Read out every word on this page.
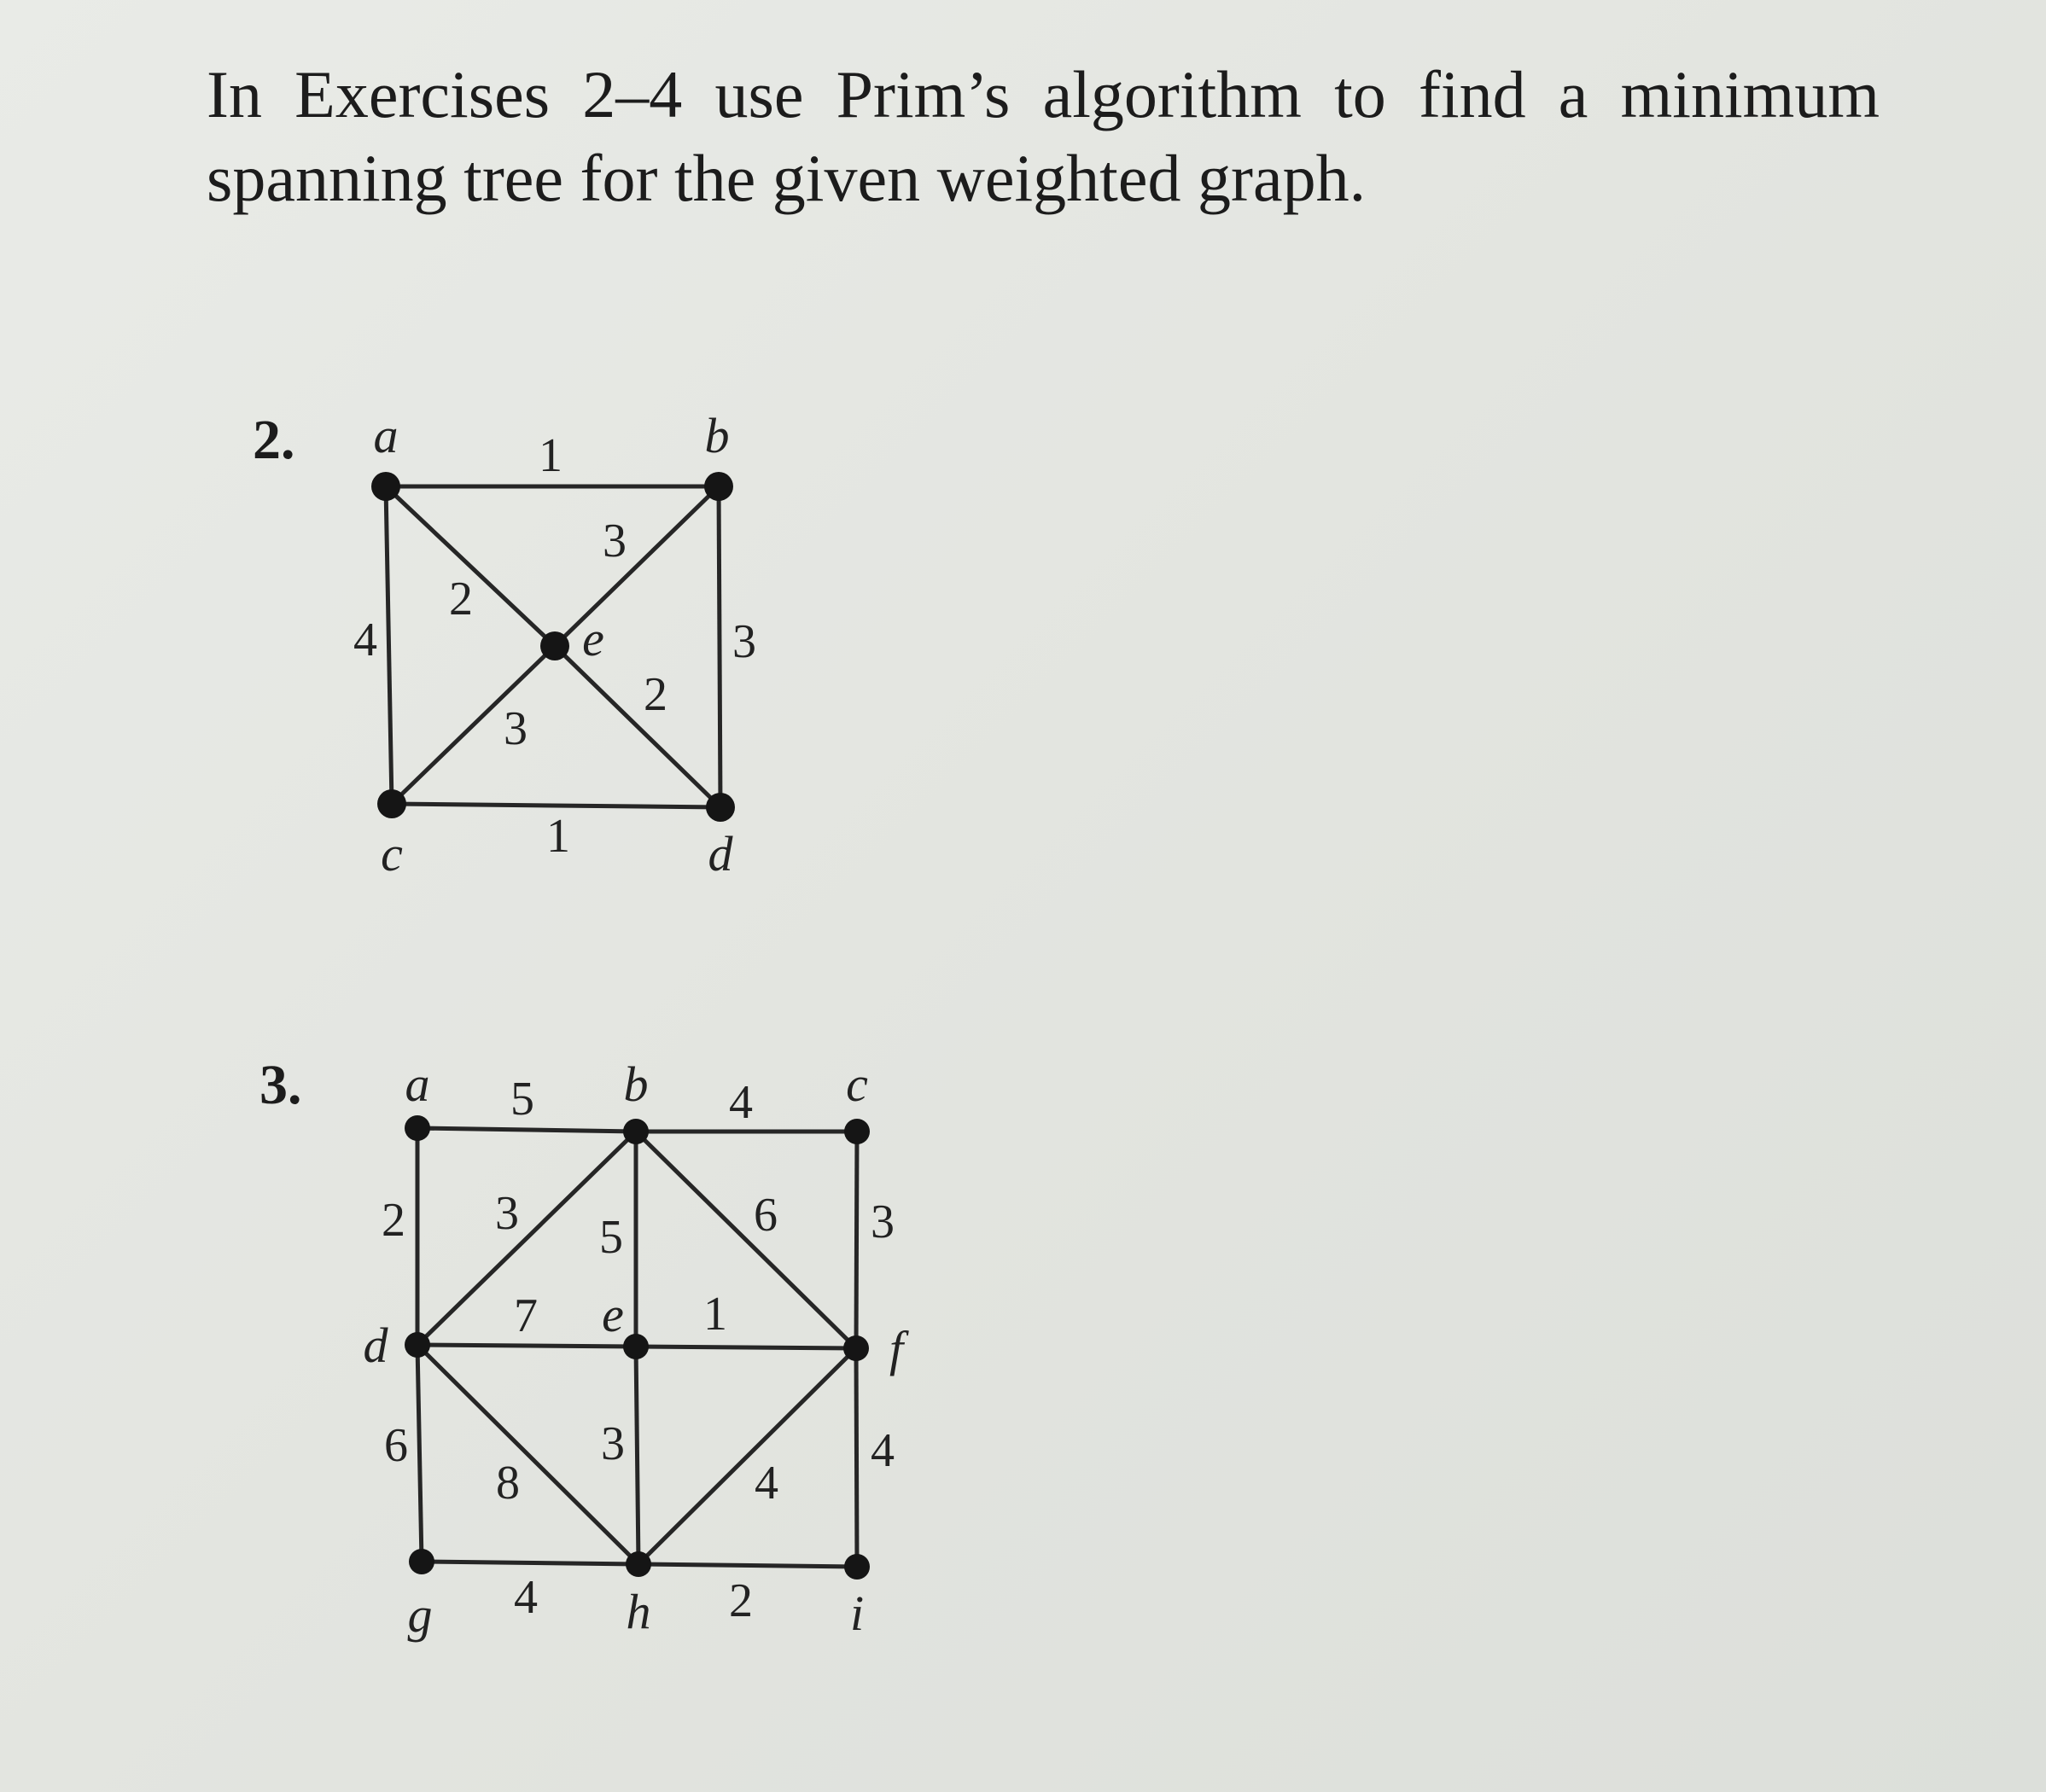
In Exercises 2–4 use Prim’s algorithm to find a minimum spanning tree for the given weighted graph.

2.
3.
1
4
2
3
3
3
2
1
a	b
c	d
e
5	4
2 3 5	6 3
7	1
6
8
3
4
4
4	2
a	b	c
d
e
f
g	h	i
